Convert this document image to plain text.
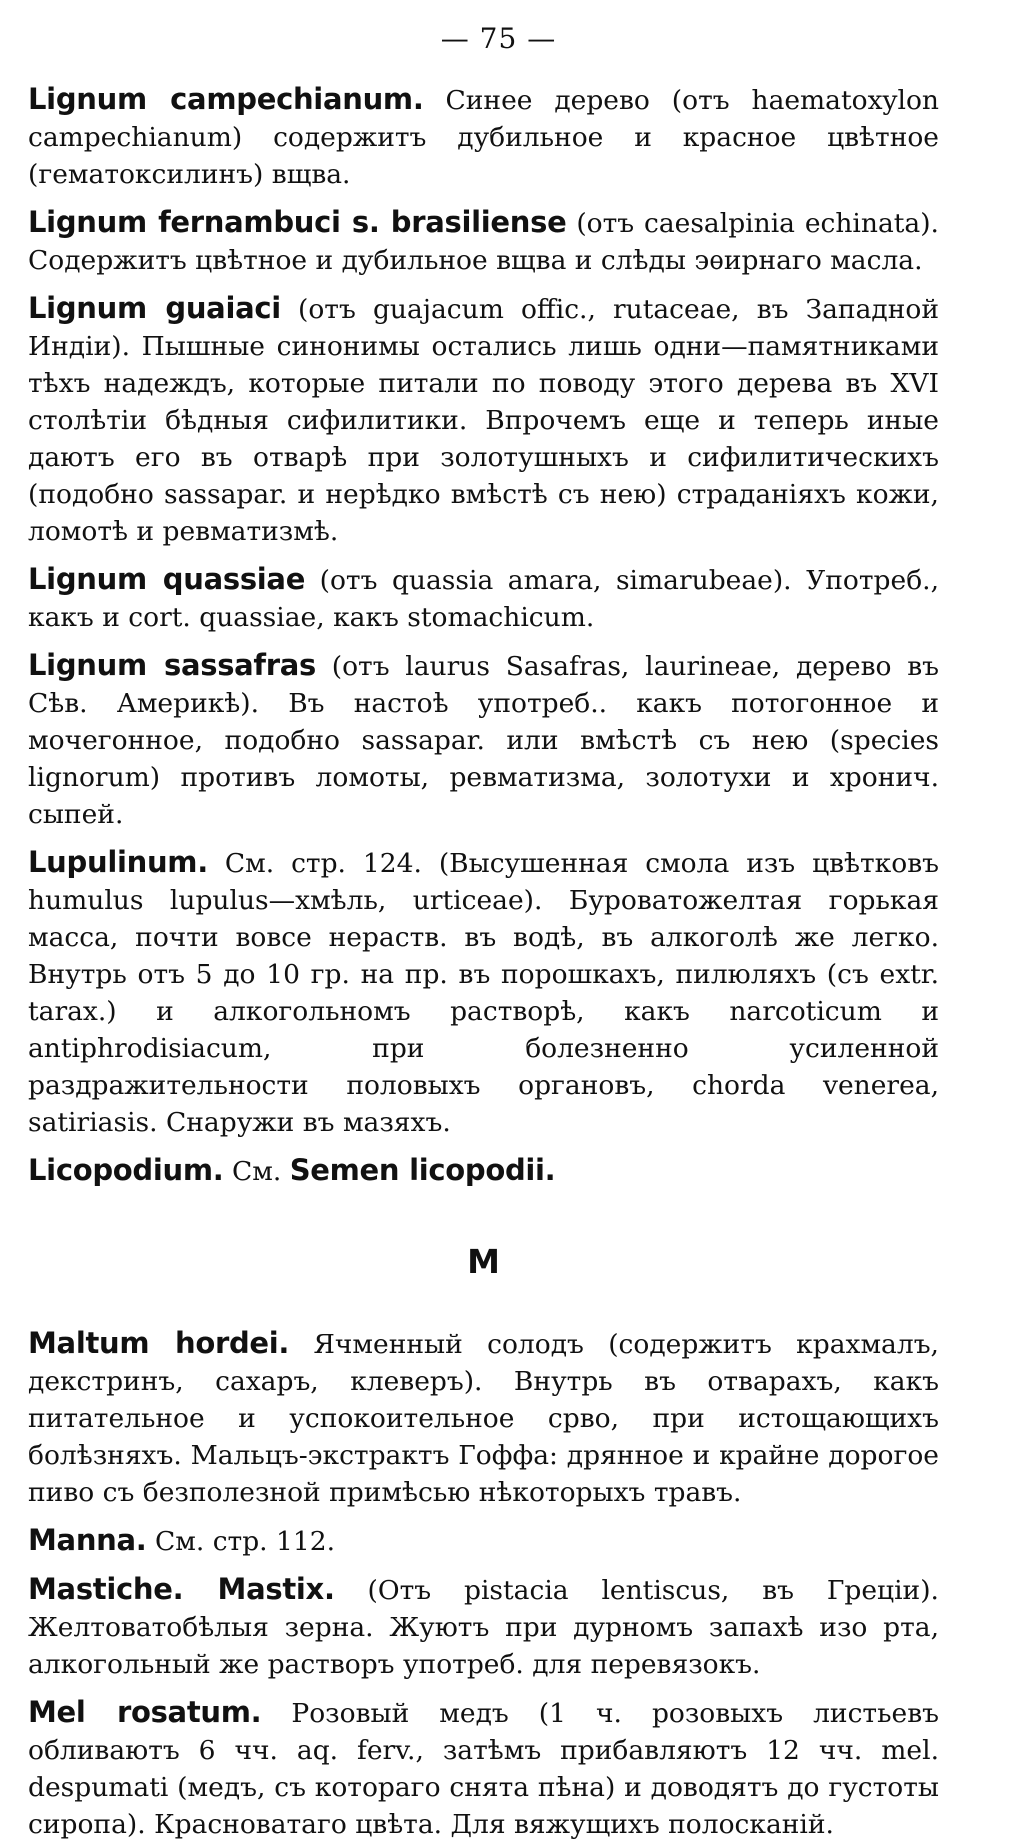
— 75 —

Lignum campechianum. Синее дерево (отъ haematoxylon campechianum) содержитъ дубильное и красное цвѣтное (гематоксилинъ) вщва.

Lignum fernambuci s. brasiliense (отъ caesalpinia echinata). Содержитъ цвѣтное и дубильное вщва и слѣды эѳирнаго масла.

Lignum guaiaci (отъ guajacum offic., rutaceae, въ Западной Индіи). Пышные синонимы остались лишь одни—памятниками тѣхъ надеждъ, которые питали по поводу этого дерева въ XVI столѣтіи бѣдныя сифилитики. Впрочемъ еще и теперь иные даютъ его въ отварѣ при золотушныхъ и сифилитическихъ (подобно sassapar. и нерѣдко вмѣстѣ съ нею) страданіяхъ кожи, ломотѣ и ревматизмѣ.

Lignum quassiae (отъ quassia amara, simarubeae). Употреб., какъ и cort. quassiae, какъ stomachicum.

Lignum sassafras (отъ laurus Sasafras, laurineae, дерево въ Сѣв. Америкѣ). Въ настоѣ употреб.. какъ потогонное и мочегонное, подобно sassapar. или вмѣстѣ съ нею (species lignorum) противъ ломоты, ревматизма, золотухи и хронич. сыпей.

Lupulinum. См. стр. 124. (Высушенная смола изъ цвѣтковъ humulus lupulus—хмѣль, urticeae). Буроватожелтая горькая масса, почти вовсе нераств. въ водѣ, въ алкоголѣ же легко. Внутрь отъ 5 до 10 гр. на пр. въ порошкахъ, пилюляхъ (съ extr. tarax.) и алкогольномъ растворѣ, какъ narcoticum и antiphrodisiacum, при болезненно усиленной раздражительности половыхъ органовъ, chorda venerea, satiriasis. Снаружи въ мазяхъ.

Licopodium. См. Semen licopodii.

М

Maltum hordei. Ячменный солодъ (содержитъ крахмалъ, декстринъ, сахаръ, клеверъ). Внутрь въ отварахъ, какъ питательное и успокоительное срво, при истощающихъ болѣзняхъ. Мальцъ-экстрактъ Гоффа: дрянное и крайне дорогое пиво съ безполезной примѣсью нѣкоторыхъ травъ.

Manna. См. стр. 112.

Mastiche. Mastix. (Отъ pistacia lentiscus, въ Греціи). Желтоватобѣлыя зерна. Жуютъ при дурномъ запахѣ изо рта, алкогольный же растворъ употреб. для перевязокъ.

Mel rosatum. Розовый медъ (1 ч. розовыхъ листьевъ обливаютъ 6 чч. aq. ferv., затѣмъ прибавляютъ 12 чч. mel. despumati (медъ, съ котораго снята пѣна) и доводятъ до густоты сиропа). Красноватаго цвѣта. Для вяжущихъ полосканій.
